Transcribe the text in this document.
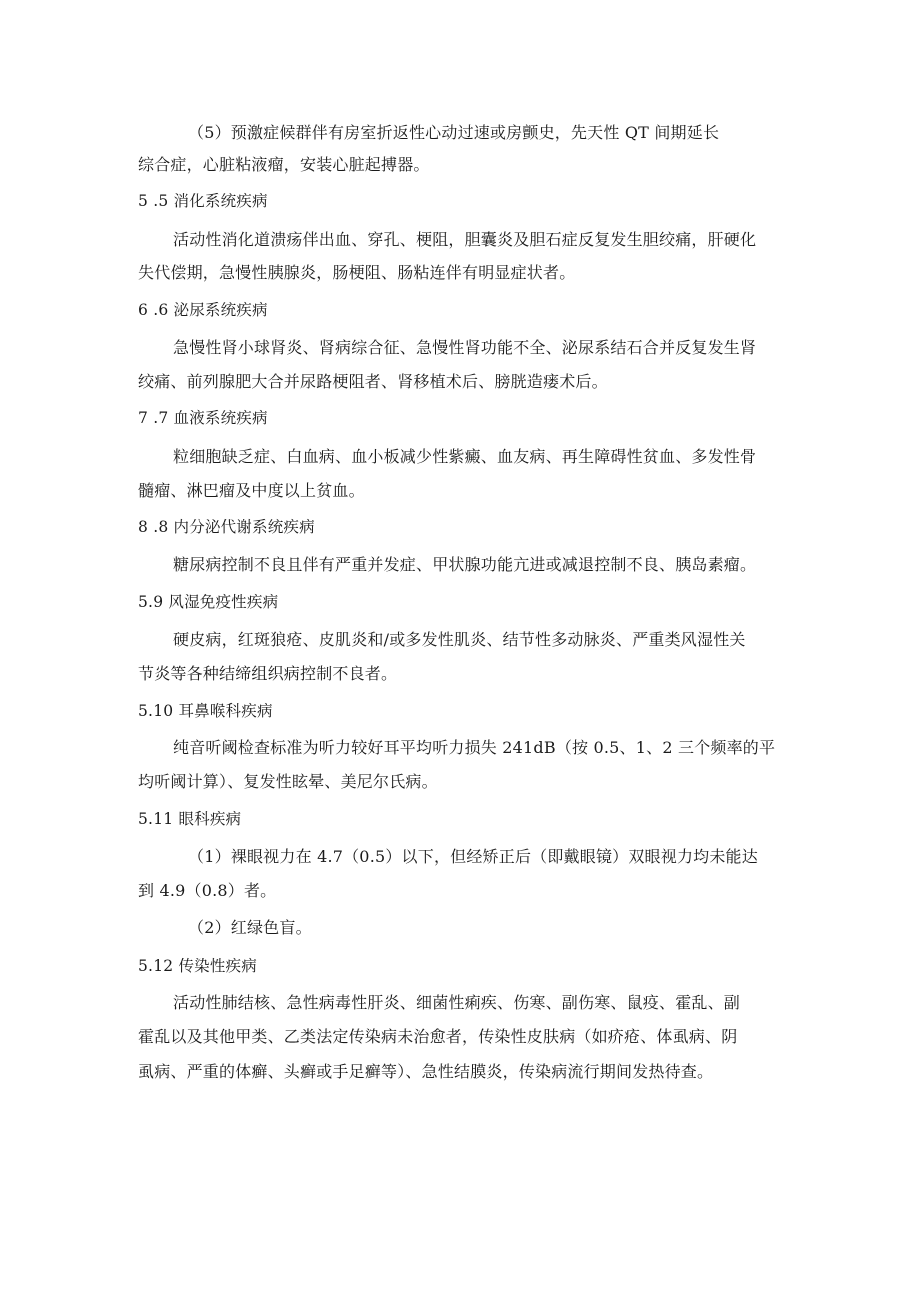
（5）预激症候群伴有房室折返性心动过速或房颤史，先天性 QT 间期延长
综合症，心脏粘液瘤，安装心脏起搏器。
5 .5 消化系统疾病
活动性消化道溃疡伴出血、穿孔、梗阻，胆囊炎及胆石症反复发生胆绞痛，肝硬化
失代偿期，急慢性胰腺炎，肠梗阻、肠粘连伴有明显症状者。
6 .6 泌尿系统疾病
急慢性肾小球肾炎、肾病综合征、急慢性肾功能不全、泌尿系结石合并反复发生肾
绞痛、前列腺肥大合并尿路梗阻者、肾移植术后、膀胱造瘘术后。
7 .7 血液系统疾病
粒细胞缺乏症、白血病、血小板减少性紫癜、血友病、再生障碍性贫血、多发性骨
髓瘤、淋巴瘤及中度以上贫血。
8 .8 内分泌代谢系统疾病
糖尿病控制不良且伴有严重并发症、甲状腺功能亢进或减退控制不良、胰岛素瘤。
5.9 风湿免疫性疾病
硬皮病，红斑狼疮、皮肌炎和/或多发性肌炎、结节性多动脉炎、严重类风湿性关
节炎等各种结缔组织病控制不良者。
5.10 耳鼻喉科疾病
纯音听阈检查标准为听力较好耳平均听力损失 241dB（按 0.5、1、2 三个频率的平
均听阈计算）、复发性眩晕、美尼尔氏病。
5.11 眼科疾病
（1）裸眼视力在 4.7（0.5）以下，但经矫正后（即戴眼镜）双眼视力均未能达
到 4.9（0.8）者。
（2）红绿色盲。
5.12 传染性疾病
活动性肺结核、急性病毒性肝炎、细菌性痢疾、伤寒、副伤寒、鼠疫、霍乱、副
霍乱以及其他甲类、乙类法定传染病未治愈者，传染性皮肤病（如疥疮、体虱病、阴
虱病、严重的体癣、头癣或手足癣等）、急性结膜炎，传染病流行期间发热待查。
